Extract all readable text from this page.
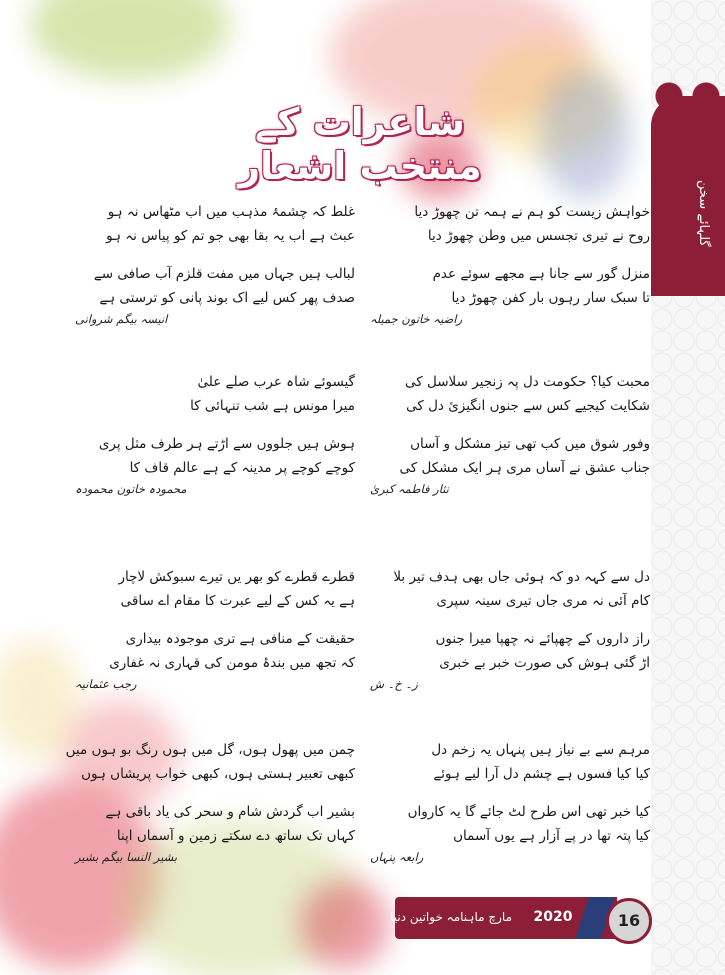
گلہائے سخن
شاعرات کے منتخب اشعار
خواہش زیست کو ہم نے ہمہ تن چھوڑ دیا
روح نے تیری تجسس میں وطن چھوڑ دیا
منزل گور سے جانا ہے مجھے سوئے عدم
تا سبک سار رہوں بار کفن چھوڑ دیا
راضیہ خاتون جمیلہ
غلط کہ چشمۂ مذہب میں اب مٹھاس نہ ہو
عبث ہے اب یہ بقا بھی جو تم کو پیاس نہ ہو
لبالب ہیں جہاں میں مفت قلزم آب صافی سے
صدف پھر کس لیے اک بوند پانی کو ترستی ہے
انیسہ بیگم شروانی
محبت کیا؟ حکومت دل پہ زنجیر سلاسل کی
شکایت کیجیے کس سے جنوں انگیزیٔ دل کی
وفور شوق میں کب تھی تیز مشکل و آساں
جناب عشق نے آساں مری ہر ایک مشکل کی
نثار فاطمہ کبریٰ
گیسوئے شاہ عرب صلے علیٰ
میرا مونس ہے شب تنہائی کا
ہوش ہیں جلووں سے اڑتے ہر طرف مثل پری
کوچے کوچے پر مدینہ کے ہے عالم قاف کا
محمودہ خاتون محمودہ
دل سے کہہ دو کہ ہوئی جاں بھی ہدف تیر بلا
کام آئی نہ مری جاں تیری سینہ سپری
راز داروں کے چھپائے نہ چھپا میرا جنوں
اڑ گئی ہوش کی صورت خبر بے خبری
ز۔ خ۔ ش
قطرے قطرے کو بھر یں تیرے سبوکش لاچار
ہے یہ کس کے لیے عبرت کا مقام اے ساقی
حقیقت کے منافی ہے تری موجودہ بیداری
کہ تجھ میں بندۂ مومن کی قہاری نہ غفاری
رجب عثمانیہ
مرہم سے بے نیاز ہیں پنہاں یہ زخم دل
کیا کیا فسوں ہے چشم دل آرا لیے ہوئے
کیا خبر تھی اس طرح لٹ جائے گا یہ کارواں
کیا پتہ تھا در پے آزار ہے یوں آسماں
رابعہ پنہاں
چمن میں پھول ہوں، گل میں ہوں رنگ بو ہوں میں
کبھی تعبیر ہستی ہوں، کبھی خواب پریشاں ہوں
بشیر اب گردش شام و سحر کی یاد باقی ہے
کہاں تک ساتھ دے سکتے زمین و آسماں اپنا
بشیر النسا بیگم بشیر
مارچ ماہنامہ خواتین دنیا	2020	16
